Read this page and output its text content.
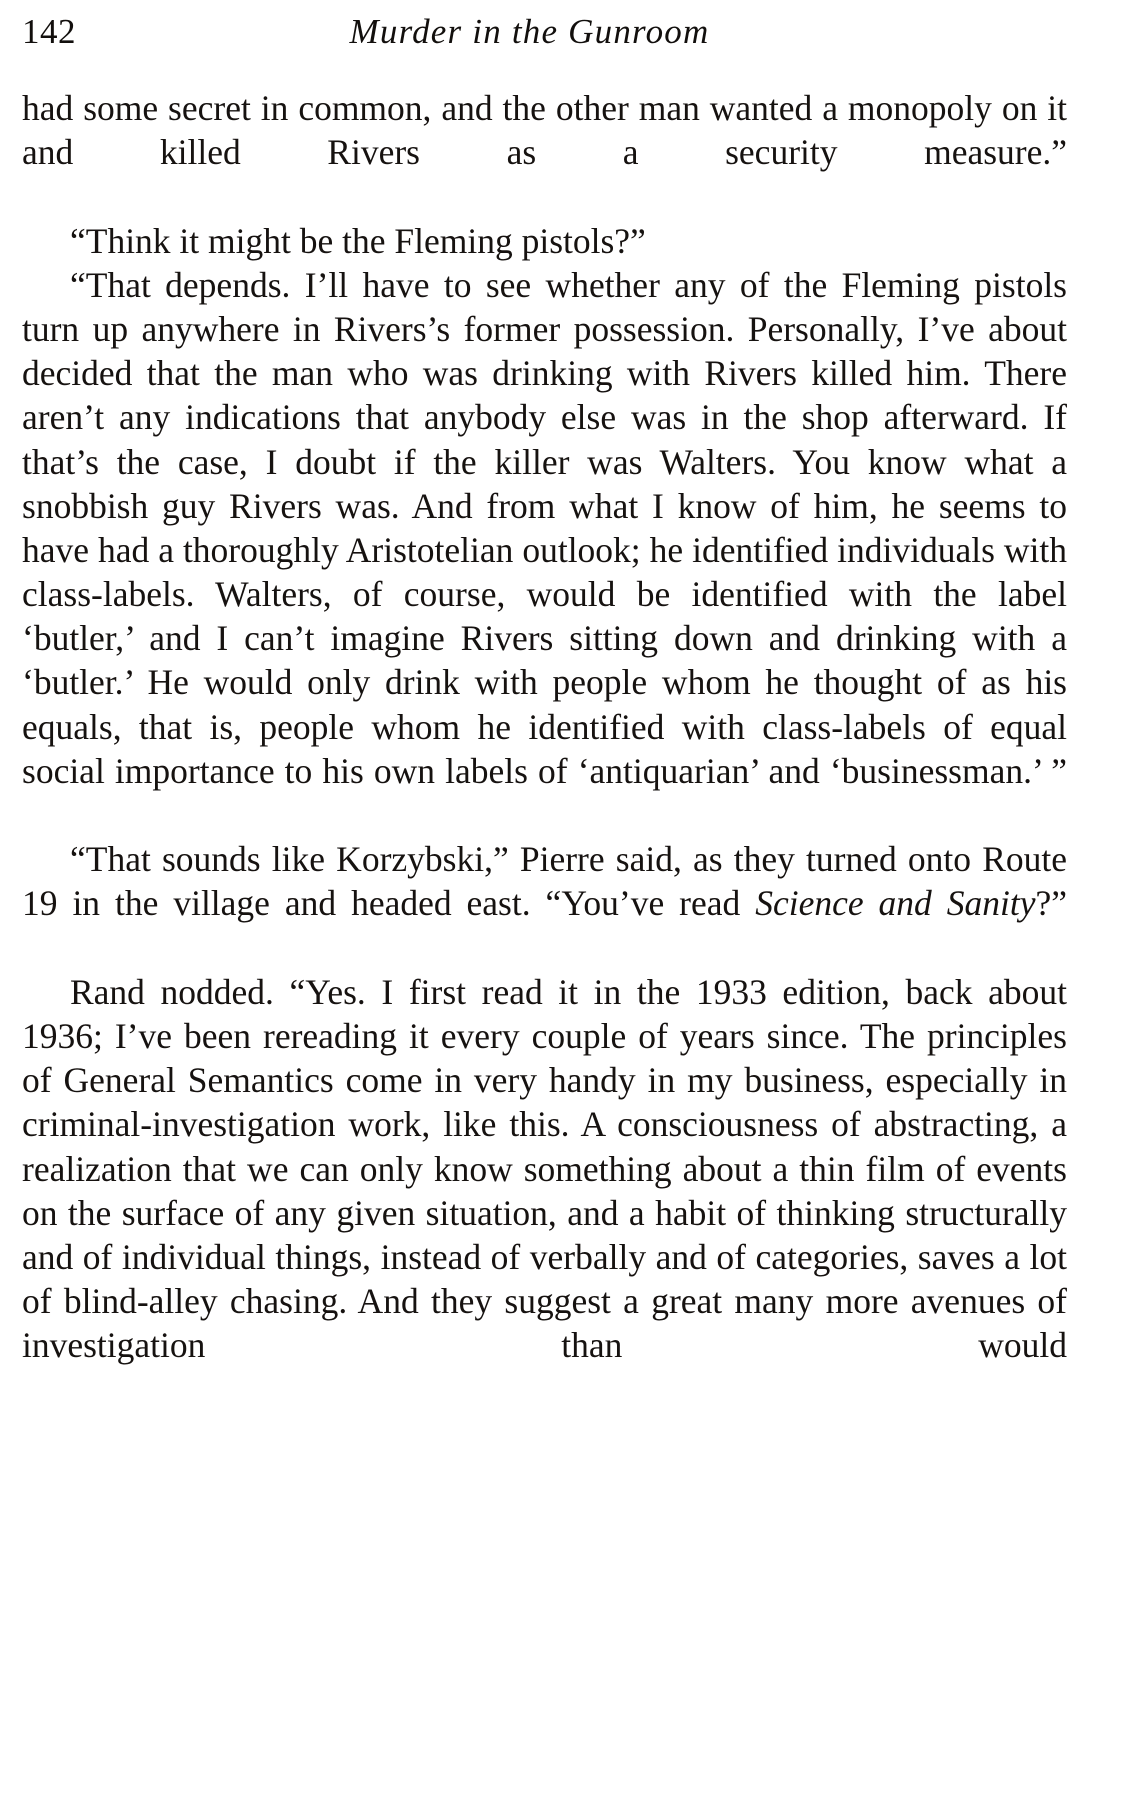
142	Murder in the Gunroom

had some secret in common, and the other man wanted a monopoly on it and killed Rivers as a security measure.”

“Think it might be the Fleming pistols?”

“That depends. I’ll have to see whether any of the Fleming pistols turn up anywhere in Rivers’s former possession. Personally, I’ve about decided that the man who was drinking with Rivers killed him. There aren’t any indications that anybody else was in the shop afterward. If that’s the case, I doubt if the killer was Walters. You know what a snobbish guy Rivers was. And from what I know of him, he seems to have had a thoroughly Aristotelian outlook; he identified individuals with class-labels. Walters, of course, would be identified with the label ‘butler,’ and I can’t imagine Rivers sitting down and drinking with a ‘butler.’ He would only drink with people whom he thought of as his equals, that is, people whom he identified with class-labels of equal social importance to his own labels of ‘antiquarian’ and ‘businessman.’ ”

“That sounds like Korzybski,” Pierre said, as they turned onto Route 19 in the village and headed east. “You’ve read Science and Sanity?”

Rand nodded. “Yes. I first read it in the 1933 edition, back about 1936; I’ve been rereading it every couple of years since. The principles of General Semantics come in very handy in my business, especially in criminal-investigation work, like this. A consciousness of abstracting, a realization that we can only know something about a thin film of events on the surface of any given situation, and a habit of thinking structurally and of individual things, instead of verbally and of categories, saves a lot of blind-alley chasing. And they suggest a great many more avenues of investigation than would
